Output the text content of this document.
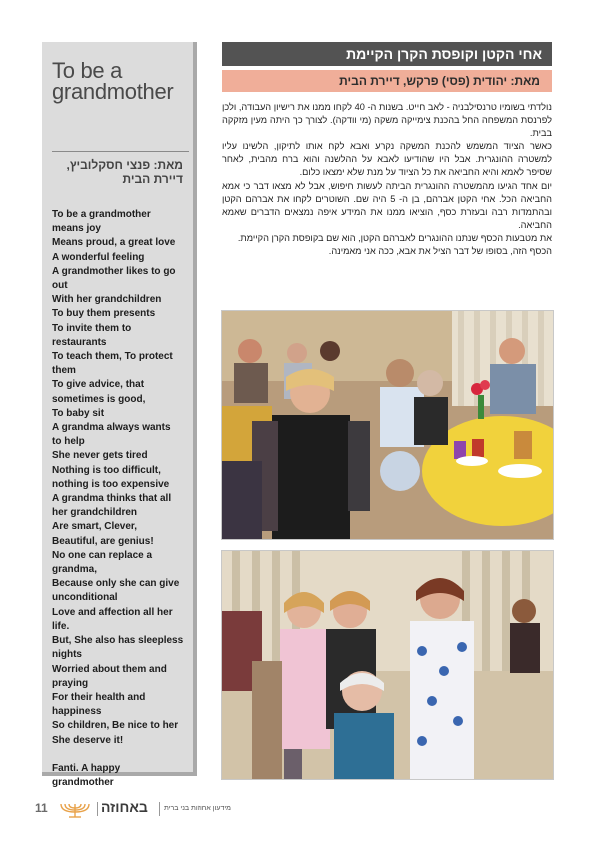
To be a grandmother
מאת: פנצי חסקלוביץ, דיירת הבית
To be a grandmother
means joy
Means proud, a great love
A wonderful feeling
A grandmother likes to go
out
With her grandchildren
To buy them presents
To invite them to
restaurants
To teach them, To protect
them
To give advice, that
sometimes is good,
To baby sit
A grandma always wants
to help
She never gets tired
Nothing is too difficult,
nothing is too expensive
A grandma thinks that all
her grandchildren
Are smart, Clever,
Beautiful, are genius!
No one can replace a
grandma,
Because only she can give
unconditional
Love and affection all her
life.
But, She also has sleepless
nights
Worried about them and
praying
For their health and
happiness
So children, Be nice to her
She deserve it!
Fanti. A happy
grandmother
אחי הקטן וקופסת הקרן הקיימת
מאת: יהודית (פסי) פרקש, דיירת הבית

נולדתי בשומיו טרנסילבניה - לאב חייט. בשנות ה- 40 לקחו ממנו את רישיון העבודה, ולכן לפרנסת המשפחה החל בהכנת צימייקה משקה (מי וודקה). לצורך כך היתה מעין מזקקה בבית.

כאשר הציוד המשמש להכנת המשקה נקרע ואבא לקח אותו לתיקון, הלשינו עליו למשטרה ההונגרית. אבל היו שהודיעו לאבא על ההלשנה והוא ברח מהבית, לאחר שסיפר לאמא והיא החביאה את כל הציוד על מנת שלא ימצאו כלום.

יום אחד הגיעו מהמשטרה ההונגרית הביתה לעשות חיפוש, אבל לא מצאו דבר כי אמא החביאה הכל. אחי הקטן אברהם, בן ה- 5 היה שם. השוטרים לקחו את אברהם הקטן ובהתמדות רבה ובעזרת כסף, הוציאו ממנו את המידע איפה נמצאים הדברים שאמא החביאה.

את מטבעות הכסף שנתנו ההונגרים לאברהם הקטן, הוא שם בקופסת הקרן הקיימת.

הכסף הזה, בסופו של דבר הציל את אבא, ככה אני מאמינה.

11	באחוזה מידעון אחוזות בני ברית
